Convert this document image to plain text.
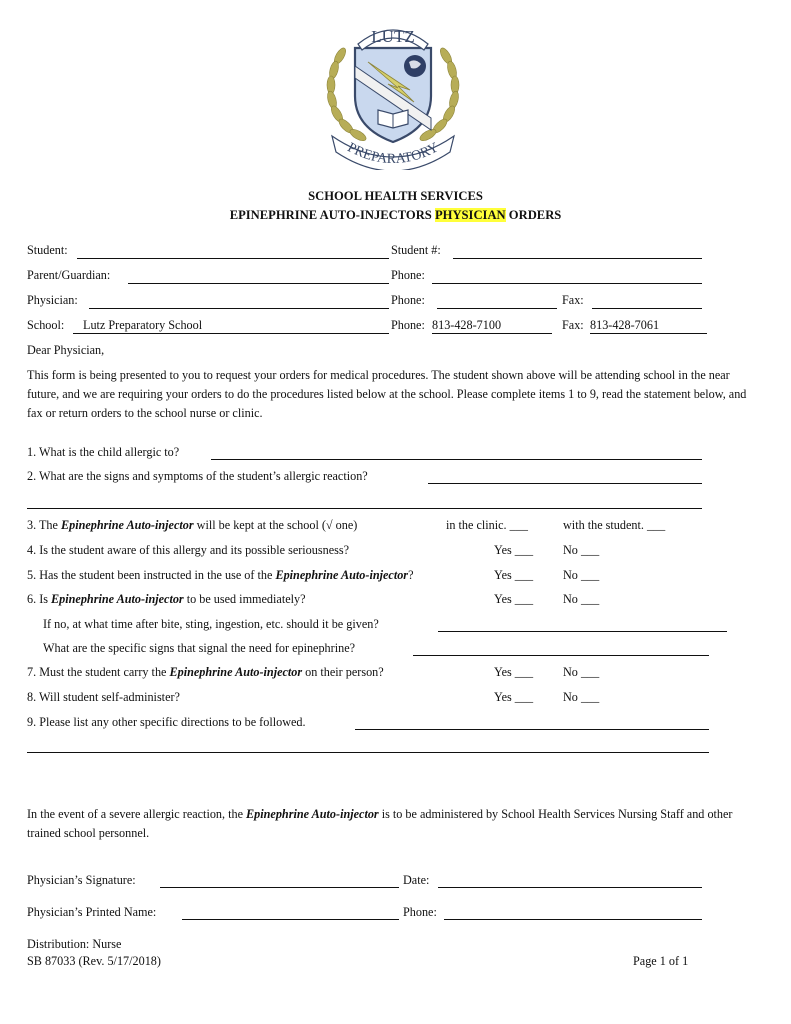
LUTZ
PREPARATORY
SCHOOL HEALTH SERVICES
EPINEPHRINE AUTO-INJECTORS PHYSICIAN ORDERS
Student:	Student #:
Parent/Guardian:	Phone:
Physician:	Phone:	Fax:
School: Lutz Preparatory School	Phone: 813-428-7100	Fax: 813-428-7061
Dear Physician,
This form is being presented to you to request your orders for medical procedures. The student shown above will be attending school in the near future, and we are requiring your orders to do the procedures listed below at the school. Please complete items 1 to 9, read the statement below, and fax or return orders to the school nurse or clinic.
1. What is the child allergic to?
2. What are the signs and symptoms of the student’s allergic reaction?
3. The Epinephrine Auto-injector will be kept at the school (√ one)	in the clinic. ___	with the student. ___
4. Is the student aware of this allergy and its possible seriousness?	Yes ___ No ___
5. Has the student been instructed in the use of the Epinephrine Auto-injector?	Yes ___ No ___
6. Is Epinephrine Auto-injector to be used immediately?	Yes ___ No ___
If no, at what time after bite, sting, ingestion, etc. should it be given?
What are the specific signs that signal the need for epinephrine?
7. Must the student carry the Epinephrine Auto-injector on their person?	Yes ___ No ___
8. Will student self-administer?	Yes ___ No ___
9. Please list any other specific directions to be followed.
In the event of a severe allergic reaction, the Epinephrine Auto-injector is to be administered by School Health Services Nursing Staff and other trained school personnel.
Physician’s Signature:	Date:
Physician’s Printed Name:	Phone:
Distribution: Nurse
SB 87033 (Rev. 5/17/2018)	Page 1 of 1
